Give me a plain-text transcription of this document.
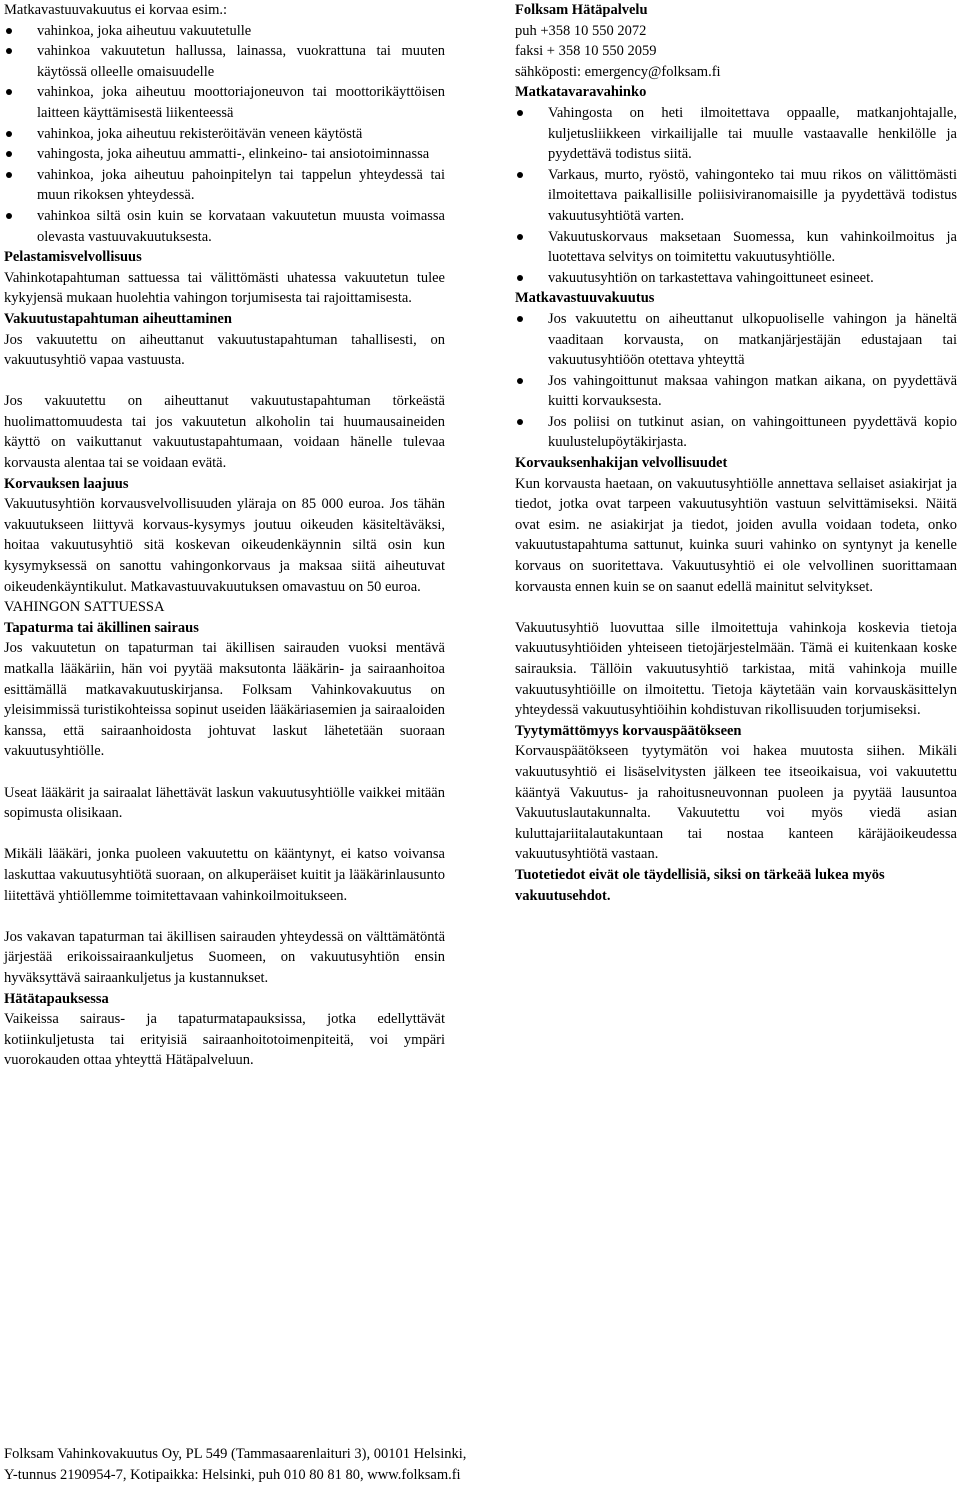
Matkavastuuvakuutus ei korvaa esim.:

vahinkoa, joka aiheutuu vakuutetulle
vahinkoa vakuutetun hallussa, lainassa, vuokrattuna tai muuten käytössä olleelle omaisuudelle
vahinkoa, joka aiheutuu moottoriajoneuvon tai moottorikäyttöisen laitteen käyttämisestä liikenteessä
vahinkoa, joka aiheutuu rekisteröitävän veneen käytöstä
vahingosta, joka aiheutuu ammatti-, elinkeino- tai ansiotoiminnassa
vahinkoa, joka aiheutuu pahoinpitelyn tai tappelun yhteydessä tai muun rikoksen yhteydessä.
vahinkoa siltä osin kuin se korvataan vakuutetun muusta voimassa olevasta vastuuvakuutuksesta.

Pelastamisvelvollisuus

Vahinkotapahtuman sattuessa tai välittömästi uhatessa vakuutetun tulee kykyjensä mukaan huolehtia vahingon torjumisesta tai rajoittamisesta.

Vakuutustapahtuman aiheuttaminen

Jos vakuutettu on aiheuttanut vakuutustapahtuman tahallisesti, on vakuutusyhtiö vapaa vastuusta.

Jos vakuutettu on aiheuttanut vakuutustapahtuman törkeästä huolimattomuudesta tai jos vakuutetun alkoholin tai huumausaineiden käyttö on vaikuttanut vakuutustapahtumaan, voidaan hänelle tulevaa korvausta alentaa tai se voidaan evätä.

Korvauksen laajuus

Vakuutusyhtiön korvausvelvollisuuden yläraja on 85 000 euroa. Jos tähän vakuutukseen liittyvä korvaus-kysymys joutuu oikeuden käsiteltäväksi, hoitaa vakuutusyhtiö sitä koskevan oikeudenkäynnin siltä osin kun kysymyksessä on sanottu vahingonkorvaus ja maksaa siitä aiheutuvat oikeudenkäyntikulut. Matkavastuuvakuutuksen omavastuu on 50 euroa.

VAHINGON SATTUESSA

Tapaturma tai äkillinen sairaus

Jos vakuutetun on tapaturman tai äkillisen sairauden vuoksi mentävä matkalla lääkäriin, hän voi pyytää maksutonta lääkärin- ja sairaanhoitoa esittämällä matkavakuutuskirjansa. Folksam Vahinkovakuutus on yleisimmissä turistikohteissa sopinut useiden lääkäriasemien ja sairaaloiden kanssa, että sairaanhoidosta johtuvat laskut lähetetään suoraan vakuutusyhtiölle.

Useat lääkärit ja sairaalat lähettävät laskun vakuutusyhtiölle vaikkei mitään sopimusta olisikaan.

Mikäli lääkäri, jonka puoleen vakuutettu on kääntynyt, ei katso voivansa laskuttaa vakuutusyhtiötä suoraan, on alkuperäiset kuitit ja lääkärinlausunto liitettävä yhtiöllemme toimitettavaan vahinkoilmoitukseen.

Jos vakavan tapaturman tai äkillisen sairauden yhteydessä on välttämätöntä järjestää erikoissairaankuljetus Suomeen, on vakuutusyhtiön ensin hyväksyttävä sairaankuljetus ja kustannukset.

Hätätapauksessa

Vaikeissa sairaus- ja tapaturmatapauksissa, jotka edellyttävät kotiinkuljetusta tai erityisiä sairaanhoitotoimenpiteitä, voi ympäri vuorokauden ottaa yhteyttä Hätäpalveluun.

Folksam Hätäpalvelu

puh +358 10 550 2072

faksi + 358 10 550 2059

sähköposti: emergency@folksam.fi

Matkatavaravahinko

Vahingosta on heti ilmoitettava oppaalle, matkanjohtajalle, kuljetusliikkeen virkailijalle tai muulle vastaavalle henkilölle ja pyydettävä todistus siitä.
Varkaus, murto, ryöstö, vahingonteko tai muu rikos on välittömästi ilmoitettava paikallisille poliisiviranomaisille ja pyydettävä todistus vakuutusyhtiötä varten.
Vakuutuskorvaus maksetaan Suomessa, kun vahinkoilmoitus ja luotettava selvitys on toimitettu vakuutusyhtiölle.
vakuutusyhtiön on tarkastettava vahingoittuneet esineet.

Matkavastuuvakuutus

Jos vakuutettu on aiheuttanut ulkopuoliselle vahingon ja häneltä vaaditaan korvausta, on matkanjärjestäjän edustajaan tai vakuutusyhtiöön otettava yhteyttä
Jos vahingoittunut maksaa vahingon matkan aikana, on pyydettävä kuitti korvauksesta.
Jos poliisi on tutkinut asian, on vahingoittuneen pyydettävä kopio kuulustelupöytäkirjasta.

Korvauksenhakijan velvollisuudet

Kun korvausta haetaan, on vakuutusyhtiölle annettava sellaiset asiakirjat ja tiedot, jotka ovat tarpeen vakuutusyhtiön vastuun selvittämiseksi. Näitä ovat esim. ne asiakirjat ja tiedot, joiden avulla voidaan todeta, onko vakuutustapahtuma sattunut, kuinka suuri vahinko on syntynyt ja kenelle korvaus on suoritettava. Vakuutusyhtiö ei ole velvollinen suorittamaan korvausta ennen kuin se on saanut edellä mainitut selvitykset.

Vakuutusyhtiö luovuttaa sille ilmoitettuja vahinkoja koskevia tietoja vakuutusyhtiöiden yhteiseen tietojärjestelmään. Tämä ei kuitenkaan koske sairauksia. Tällöin vakuutusyhtiö tarkistaa, mitä vahinkoja muille vakuutusyhtiöille on ilmoitettu. Tietoja käytetään vain korvauskäsittelyn yhteydessä vakuutusyhtiöihin kohdistuvan rikollisuuden torjumiseksi.

Tyytymättömyys korvauspäätökseen

Korvauspäätökseen tyytymätön voi hakea muutosta siihen. Mikäli vakuutusyhtiö ei lisäselvitysten jälkeen tee itseoikaisua, voi vakuutettu kääntyä Vakuutus- ja rahoitusneuvonnan puoleen ja pyytää lausuntoa Vakuutuslautakunnalta. Vakuutettu voi myös viedä asian kuluttajariitalautakuntaan tai nostaa kanteen käräjäoikeudessa vakuutusyhtiötä vastaan.

Tuotetiedot eivät ole täydellisiä, siksi on tärkeää lukea myös vakuutusehdot.

Folksam Vahinkovakuutus Oy, PL 549 (Tammasaarenlaituri 3), 00101 Helsinki,

Y-tunnus 2190954-7, Kotipaikka: Helsinki, puh 010 80 81 80, www.folksam.fi
